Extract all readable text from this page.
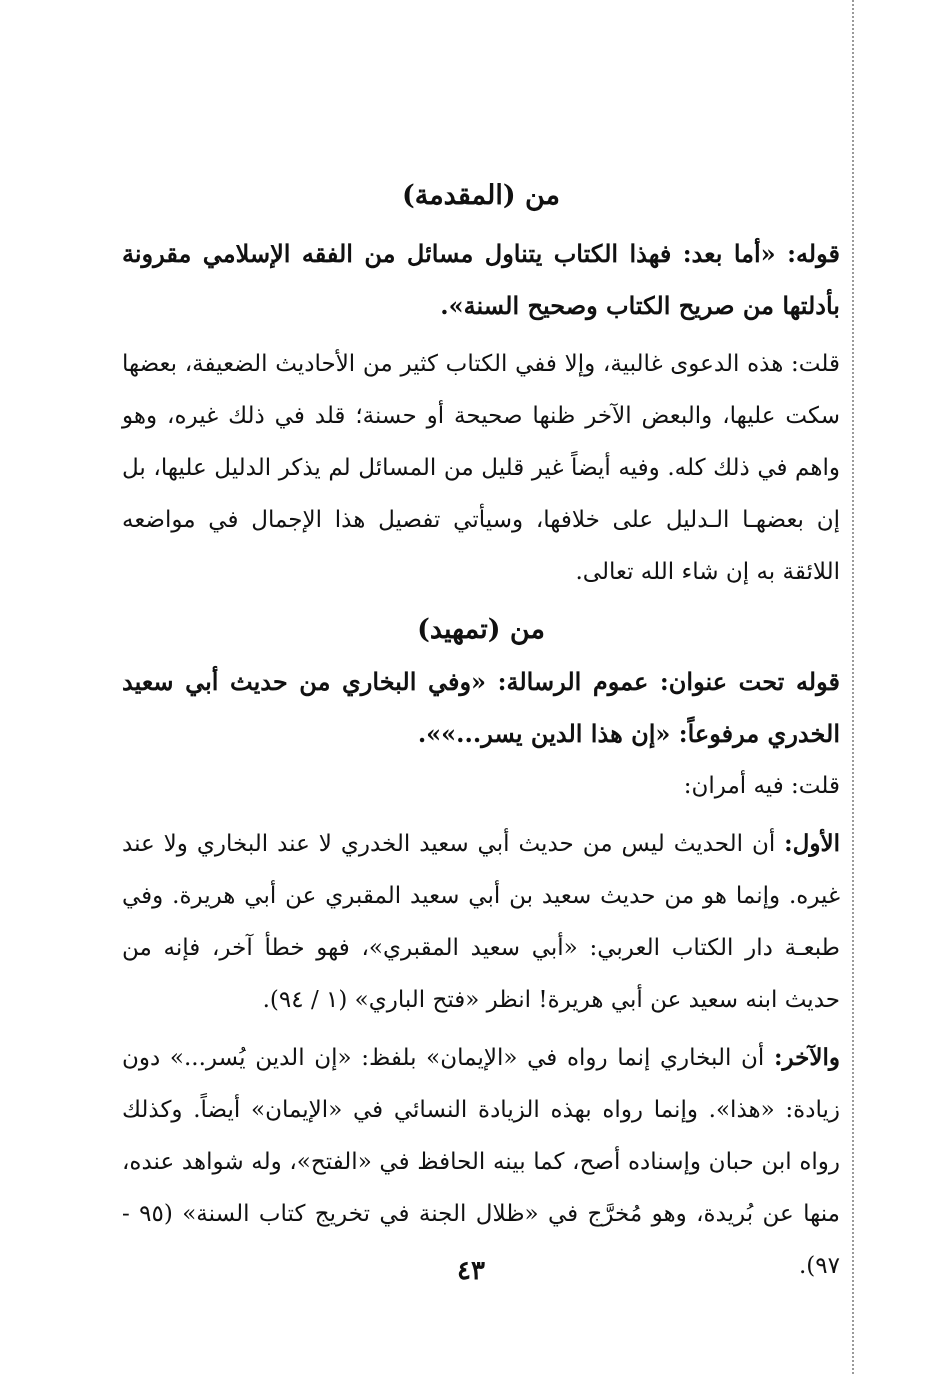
من (المقدمة)

قوله: «أما بعد: فهذا الكتاب يتناول مسائل من الفقه الإسلامي مقرونة بأدلتها من صريح الكتاب وصحيح السنة».

قلت: هذه الدعوى غالبية، وإلا ففي الكتاب كثير من الأحاديث الضعيفة، بعضها سكت عليها، والبعض الآخر ظنها صحيحة أو حسنة؛ قلد في ذلك غيره، وهو واهم في ذلك كله. وفيه أيضاً غير قليل من المسائل لم يذكر الدليل عليها، بل إن بعضهـا الـدليل على خلافها، وسيأتي تفصيل هذا الإجمال في مواضعه اللائقة به إن شاء الله تعالى.

من (تمهيد)

قوله تحت عنوان: عموم الرسالة: «وفي البخاري من حديث أبي سعيد الخدري مرفوعاً: «إن هذا الدين يسر...»».

قلت: فيه أمران:

الأول: أن الحديث ليس من حديث أبي سعيد الخدري لا عند البخاري ولا عند غيره. وإنما هو من حديث سعيد بن أبي سعيد المقبري عن أبي هريرة. وفي طبعـة دار الكتاب العربي: «أبي سعيد المقبري»، فهو خطأ آخر، فإنه من حديث ابنه سعيد عن أبي هريرة! انظر «فتح الباري» (١ / ٩٤).

والآخر: أن البخاري إنما رواه في «الإيمان» بلفظ: «إن الدين يُسر...» دون زيادة: «هذا». وإنما رواه بهذه الزيادة النسائي في «الإيمان» أيضاً. وكذلك رواه ابن حبان وإسناده أصح، كما بينه الحافظ في «الفتح»، وله شواهد عنده، منها عن بُريدة، وهو مُخرَّج في «ظلال الجنة في تخريج كتاب السنة» (٩٥ - ٩٧).

٤٣
